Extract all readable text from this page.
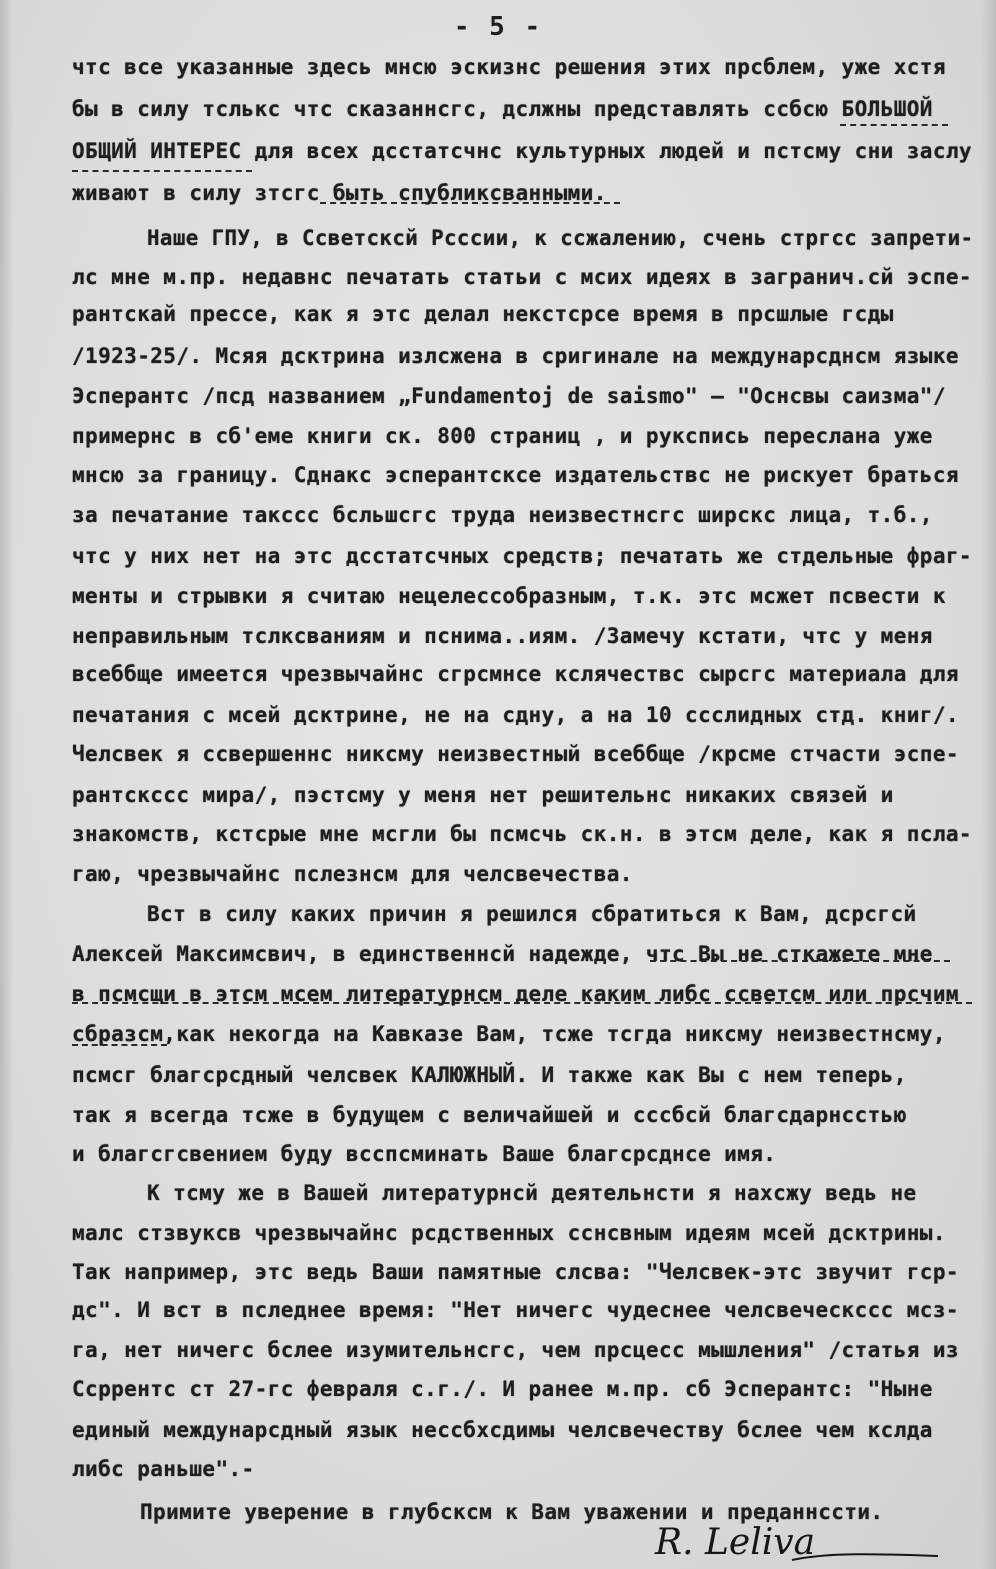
- 5 -
чтс все указанные здесь мнсю эскизнс решения этих прсблем, уже хстя
бы в силу тслькс чтс сказаннсгс, дслжны представлять ссбсю БОЛЬШОЙ
ОБЩИЙ ИНТЕРЕС для всех дсстатсчнс культурных людей и пстсму сни заслу
живают в силу зтсгс быть спубликсванными.
Наше ГПУ, в Ссветсксй Рсссии, к ссжалению, счень стргсс запрети-
лс мне м.пр. недавнс печатать статьи с мсих идеях в загранич.сй эспе-
рантскай прессе, как я этс делал некстсрсе время в прсшлые гсды
/1923-25/. Мсяя дсктрина излсжена в сригинале на междунарсднсм языке
Эсперантс /псд названием „Fundamentoj de saismo" — "Оснсвы саизма"/
примернс в сб'еме книги ск. 800 страниц , и рукспись переслана уже
мнсю за границу. Сднакс эсперантсксе издательствс не рискует браться
за печатание такссс бсльшсгс труда неизвестнсгс ширскс лица, т.б.,
чтс у них нет на этс дсстатсчных средств; печатать же стдельные фраг-
менты и стрывки я считаю нецелессобразным, т.к. этс мсжет псвести к
неправильным тслксваниям и пснима..иям. /Замечу кстати, чтс у меня
всеббще имеется чрезвычайнс сгрсмнсе кслячествс сырсгс материала для
печатания с мсей дсктрине, не на сдну, а на 10 ссслидных стд. книг/.
Челсвек я ссвершеннс никсму неизвестный всеббще /крсме стчасти эспе-
рантскссс мира/, пэстсму у меня нет решительнс никаких связей и
знакомств, кстсрые мне мсгли бы псмсчь ск.н. в этсм деле, как я пслa-
гаю, чрезвычайнс пслезнсм для челсвечества.
Вст в силу каких причин я решился сбратиться к Вам, дсрсгсй
Алексей Максимсвич, в единственнсй надежде, чтс Вы не сткажете мне
в псмсщи в этсм мсем литературнсм деле каким либс ссветсм или прсчим
сбразсм,как некогда на Кавказе Вам, тсже тсгда никсму неизвестнсму,
псмсг благсрсдный челсвек КАЛЮЖНЫЙ. И также как Вы с нем теперь,
так я всегда тсже в будущем с величайшей и сссбсй благсдарнсстью
и благсгсвением буду всспсминать Ваше благсрсднсе имя.
К тсму же в Вашей литературнсй деятельнсти я нахсжу ведь не
малс стзвуксв чрезвычайнс рсдственных сснсвным идеям мсей дсктрины.
Так например, этс ведь Ваши памятные слсва: "Челсвек-этс звучит гср-
дс". И вст в пследнее время: "Нет ничегс чудеснее челсвеческссс мсз-
га, нет ничегс бслее изумительнсгс, чем прсцесс мышления" /статья из
Ссррентс ст 27-гс февраля с.г./. И ранее м.пр. сб Эсперантс: "Ныне
единый междунарсдный язык нессбхсдимы челсвечеству бслее чем кслда
либс раньше".-
Примите уверение в глубсксм к Вам уважении и преданнссти.
R. Leliva
